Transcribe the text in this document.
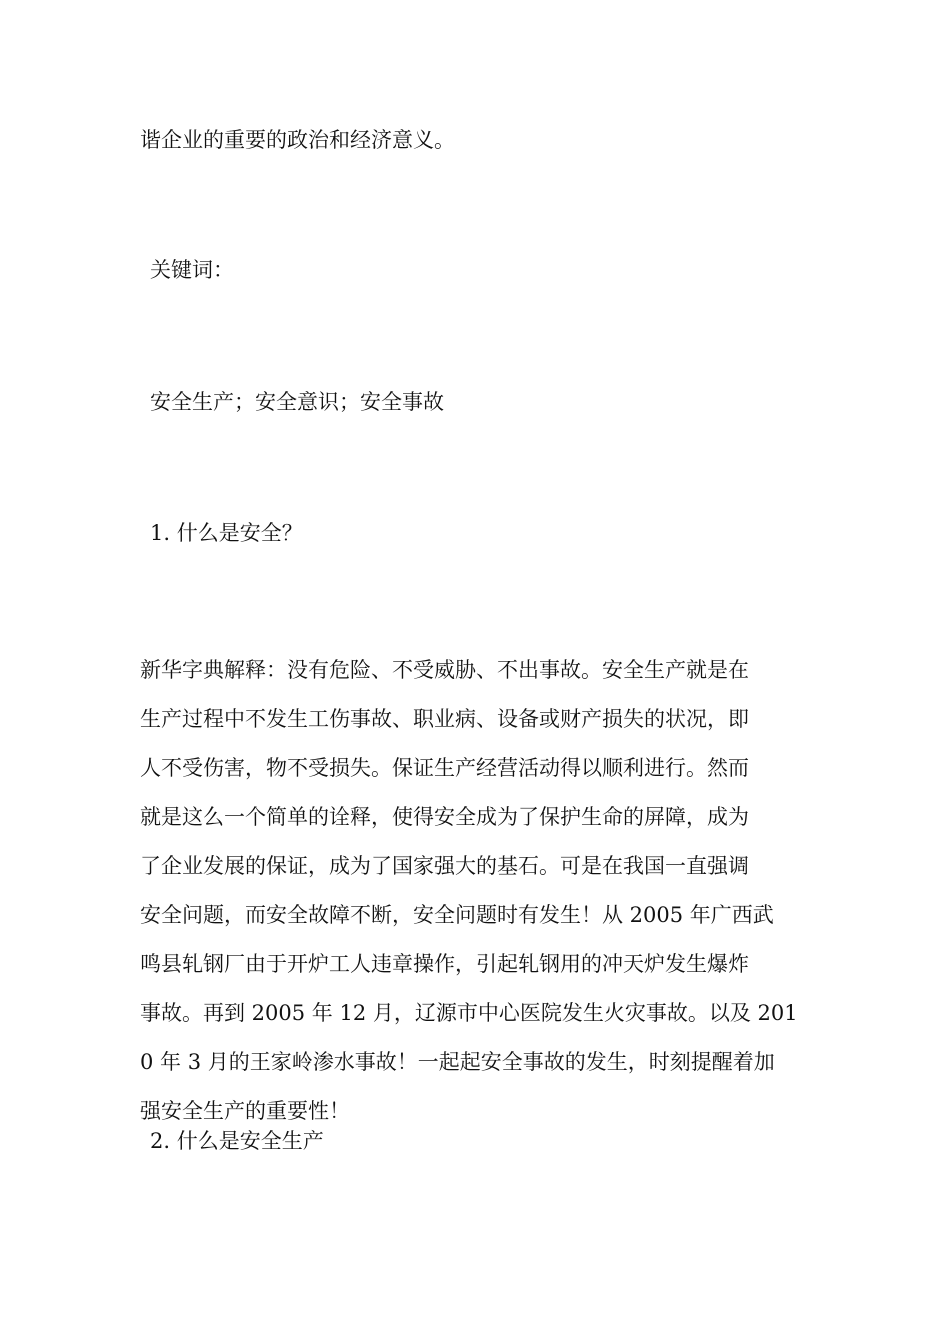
谐企业的重要的政治和经济意义。
关键词：
安全生产；安全意识；安全事故
1. 什么是安全？
新华字典解释：没有危险、不受威胁、不出事故。安全生产就是在
生产过程中不发生工伤事故、职业病、设备或财产损失的状况，即
人不受伤害，物不受损失。保证生产经营活动得以顺利进行。然而
就是这么一个简单的诠释，使得安全成为了保护生命的屏障，成为
了企业发展的保证，成为了国家强大的基石。可是在我国一直强调
安全问题，而安全故障不断，安全问题时有发生！从 2005 年广西武
鸣县轧钢厂由于开炉工人违章操作，引起轧钢用的冲天炉发生爆炸
事故。再到 2005 年 12 月，辽源市中心医院发生火灾事故。以及 201
0 年 3 月的王家岭渗水事故！一起起安全事故的发生，时刻提醒着加
强安全生产的重要性！
2. 什么是安全生产
